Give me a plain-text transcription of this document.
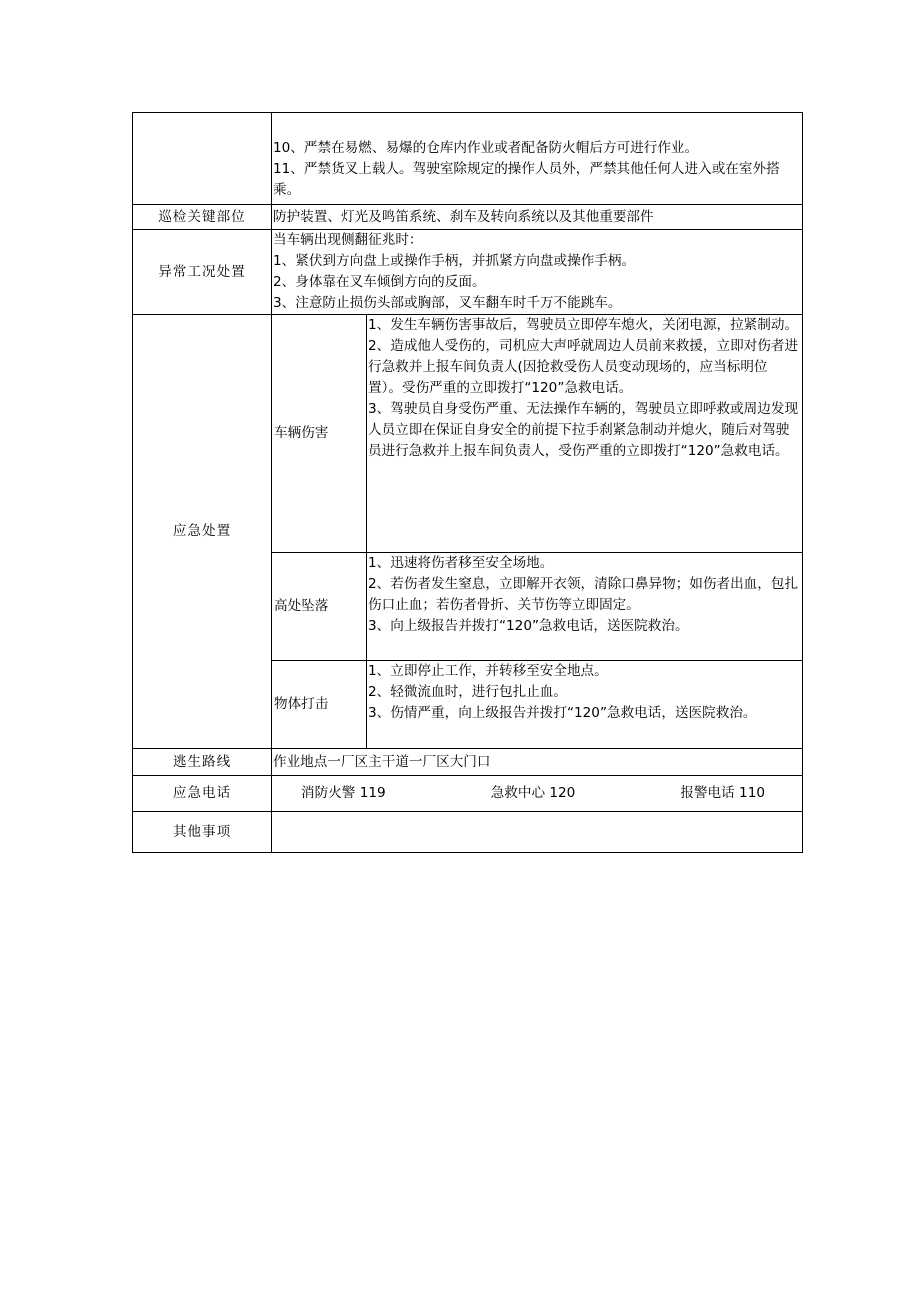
	10、严禁在易燃、易爆的仓库内作业或者配备防火帽后方可进行作业。
11、严禁货叉上载人。驾驶室除规定的操作人员外，严禁其他任何人进入或在室外搭乘。	

巡检关键部位	防护装置、灯光及鸣笛系统、刹车及转向系统以及其他重要部件	
异常工况处置	当车辆出现侧翻征兆时：
1、紧伏到方向盘上或操作手柄，并抓紧方向盘或操作手柄。
2、身体靠在叉车倾倒方向的反面。
3、注意防止损伤头部或胸部，叉车翻车时千万不能跳车。	

应急处置	车辆伤害	1、发生车辆伤害事故后，驾驶员立即停车熄火，关闭电源，拉紧制动。
2、造成他人受伤的，司机应大声呼就周边人员前来救援，立即对伤者进行急救并上报车间负责人(因抢救受伤人员变动现场的，应当标明位置）。受伤严重的立即拨打“120”急救电话。
3、驾驶员自身受伤严重、无法操作车辆的，驾驶员立即呼救或周边发现人员立即在保证自身安全的前提下拉手刹紧急制动并熄火，随后对驾驶员进行急救并上报车间负责人，受伤严重的立即拨打“120”急救电话。

	高处坠落	1、迅速将伤者移至安全场地。
2、若伤者发生窒息，立即解开衣领，清除口鼻异物；如伤者出血，包扎伤口止血；若伤者骨折、关节伤等立即固定。
3、向上级报告并拨打“120”急救电话，送医院救治。

	物体打击	1、立即停止工作，并转移至安全地点。
2、轻微流血时，进行包扎止血。
3、伤情严重，向上级报告并拨打“120”急救电话，送医院救治。

逃生路线	作业地点一厂区主干道一厂区大门口	
应急电话	消防火警 119 急救中心 120 报警电话 110	

其他事项		
